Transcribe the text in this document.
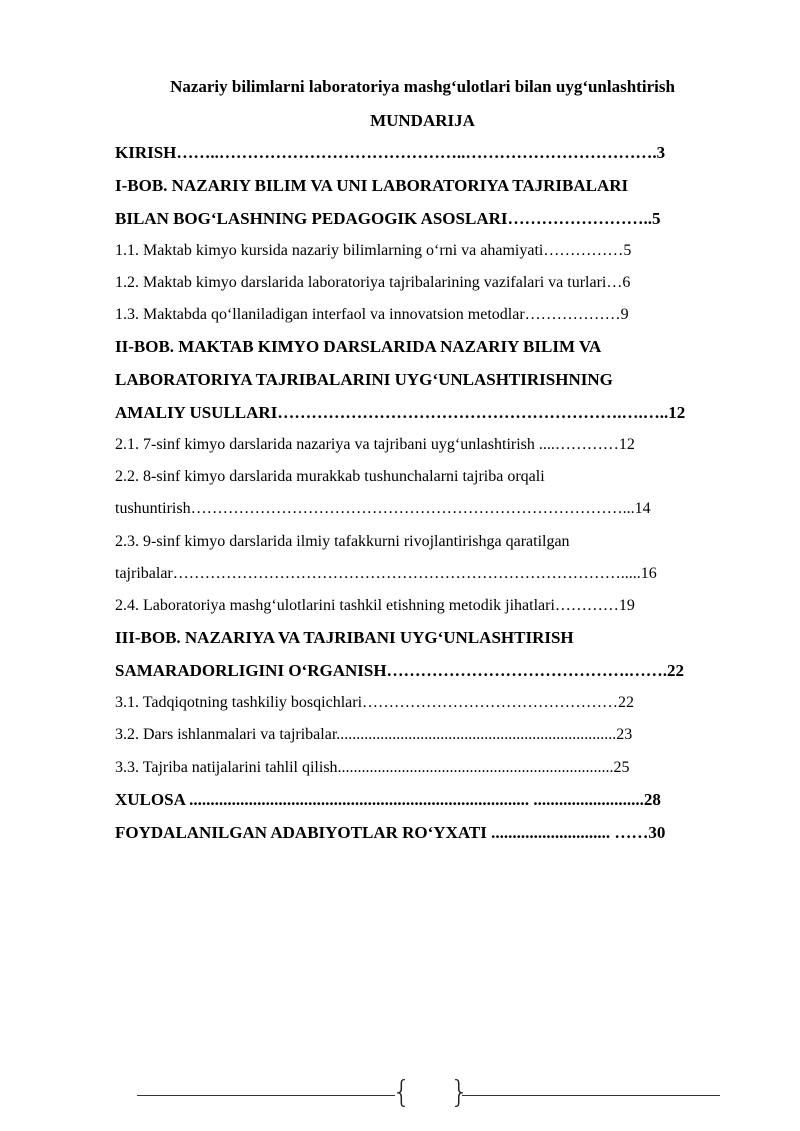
Nazariy bilimlarni laboratoriya mashg‘ulotlari bilan uyg‘unlashtirish
MUNDARIJA
KIRISH……..……………………………………..…………………………….3
I-BOB. NAZARIY BILIM VA UNI LABORATORIYA TAJRIBALARI
BILAN BOG‘LASHNING PEDAGOGIK ASOSLARI……………………..5
1.1. Maktab kimyo kursida nazariy bilimlarning o‘rni va ahamiyati……………5
1.2. Maktab kimyo darslarida laboratoriya tajribalarining vazifalari va turlari…6
1.3. Maktabda qo‘llaniladigan interfaol va innovatsion metodlar………………9
II-BOB. MAKTAB KIMYO DARSLARIDA NAZARIY BILIM VA
LABORATORIYA TAJRIBALARINI UYG‘UNLASHTIRISHNING
AMALIY USULLARI…………………………………………………….….…..12
2.1. 7-sinf kimyo darslarida nazariya va tajribani uyg‘unlashtirish ....…………12
2.2. 8-sinf kimyo darslarida murakkab tushunchalarni tajriba orqali
tushuntirish………………………………………………………………………...14
2.3. 9-sinf kimyo darslarida ilmiy tafakkurni rivojlantirishga qaratilgan
tajribalar………………………………………………………………………….....16
2.4. Laboratoriya mashg‘ulotlarini tashkil etishning metodik jihatlari…………19
III-BOB. NAZARIYA VA TAJRIBANI UYG‘UNLASHTIRISH
SAMARADORLIGINI O‘RGANISH…………………………………….…….22
3.1. Tadqiqotning tashkiliy bosqichlari…………………………………………22
3.2. Dars ishlanmalari va tajribalar......................................................................23
3.3. Tajriba natijalarini tahlil qilish.....................................................................25
XULOSA ................................................................................ ..........................28
FOYDALANILGAN ADABIYOTLAR RO‘YXATI ............................ ……30
{ }
